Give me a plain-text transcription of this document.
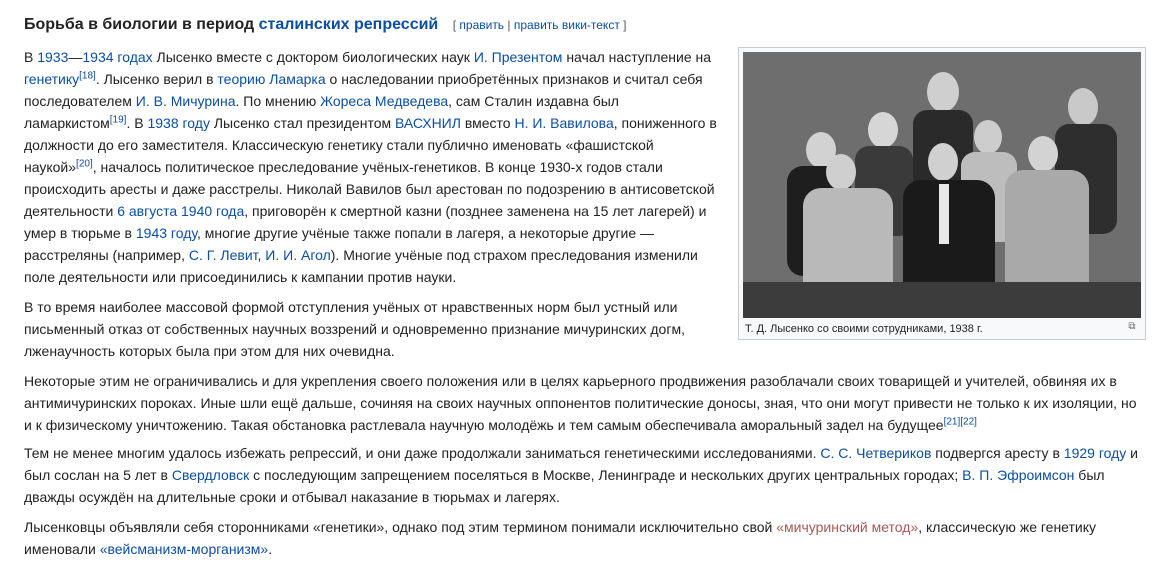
Борьба в биологии в период сталинских репрессий [ править | править вики-текст ]

В 1933—1934 годах Лысенко вместе с доктором биологических наук И. Презентом начал наступление на генетику[18]. Лысенко верил в теорию Ламарка о наследовании приобретённых признаков и считал себя последователем И. В. Мичурина. По мнению Жореса Медведева, сам Сталин издавна был ламаркистом[19]. В 1938 году Лысенко стал президентом ВАСХНИЛ вместо Н. И. Вавилова, пониженного в должности до его заместителя. Классическую генетику стали публично именовать «фашистской наукой»[20], началось политическое преследование учёных-генетиков. В конце 1930-х годов стали происходить аресты и даже расстрелы. Николай Вавилов был арестован по подозрению в антисоветской деятельности 6 августа 1940 года, приговорён к смертной казни (позднее заменена на 15 лет лагерей) и умер в тюрьме в 1943 году, многие другие учёные также попали в лагеря, а некоторые другие — расстреляны (например, С. Г. Левит, И. И. Агол). Многие учёные под страхом преследования изменили поле деятельности или присоединились к кампании против науки.

В то время наиболее массовой формой отступления учёных от нравственных норм был устный или письменный отказ от собственных научных воззрений и одновременно признание мичуринских догм, лженаучность которых была при этом для них очевидна.

Некоторые этим не ограничивались и для укрепления своего положения или в целях карьерного продвижения разоблачали своих товарищей и учителей, обвиняя их в антимичуринских пороках. Иные шли ещё дальше, сочиняя на своих научных оппонентов политические доносы, зная, что они могут привести не только к их изоляции, но и к физическому уничтожению. Такая обстановка растлевала научную молодёжь и тем самым обеспечивала аморальный задел на будущее[21][22]

Тем не менее многим удалось избежать репрессий, и они даже продолжали заниматься генетическими исследованиями. С. С. Четвериков подвергся аресту в 1929 году и был сослан на 5 лет в Свердловск с последующим запрещением поселяться в Москве, Ленинграде и нескольких других центральных городах; В. П. Эфроимсон был дважды осуждён на длительные сроки и отбывал наказание в тюрьмах и лагерях.

Лысенковцы объявляли себя сторонниками «генетики», однако под этим термином понимали исключительно свой «мичуринский метод», классическую же генетику именовали «вейсманизм-морганизм».

Т. Д. Лысенко со своими сотрудниками, 1938 г.	⧉
